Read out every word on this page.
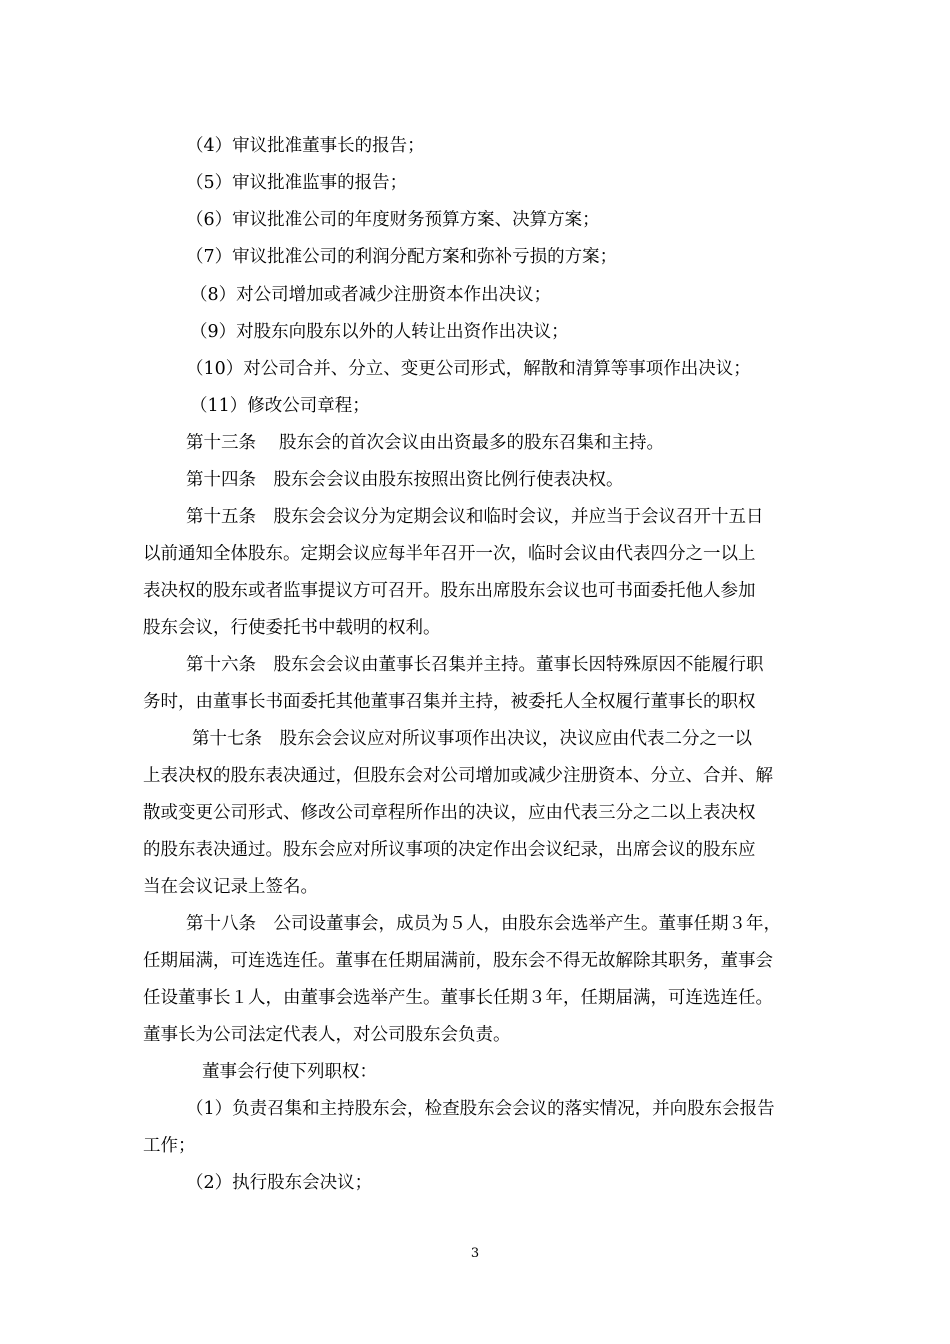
（4）审议批准董事长的报告；
（5）审议批准监事的报告；
（6）审议批准公司的年度财务预算方案、决算方案；
（7）审议批准公司的利润分配方案和弥补亏损的方案；
（8）对公司增加或者减少注册资本作出决议；
（9）对股东向股东以外的人转让出资作出决议；
（10）对公司合并、分立、变更公司形式，解散和清算等事项作出决议；
（11）修改公司章程；
第十三条　 股东会的首次会议由出资最多的股东召集和主持。
第十四条　股东会会议由股东按照出资比例行使表决权。
第十五条　股东会会议分为定期会议和临时会议，并应当于会议召开十五日
以前通知全体股东。定期会议应每半年召开一次，临时会议由代表四分之一以上
表决权的股东或者监事提议方可召开。股东出席股东会议也可书面委托他人参加
股东会议，行使委托书中载明的权利。
第十六条　股东会会议由董事长召集并主持。董事长因特殊原因不能履行职
务时，由董事长书面委托其他董事召集并主持，被委托人全权履行董事长的职权
第十七条　股东会会议应对所议事项作出决议，决议应由代表二分之一以
上表决权的股东表决通过，但股东会对公司增加或减少注册资本、分立、合并、解
散或变更公司形式、修改公司章程所作出的决议，应由代表三分之二以上表决权
的股东表决通过。股东会应对所议事项的决定作出会议纪录，出席会议的股东应
当在会议记录上签名。
第十八条　公司设董事会，成员为５人，由股东会选举产生。董事任期３年，
任期届满，可连选连任。董事在任期届满前，股东会不得无故解除其职务，董事会
任设董事长１人，由董事会选举产生。董事长任期３年，任期届满，可连选连任。
董事长为公司法定代表人，对公司股东会负责。
董事会行使下列职权：
（1）负责召集和主持股东会，检查股东会会议的落实情况，并向股东会报告
工作；
（2）执行股东会决议；
3
